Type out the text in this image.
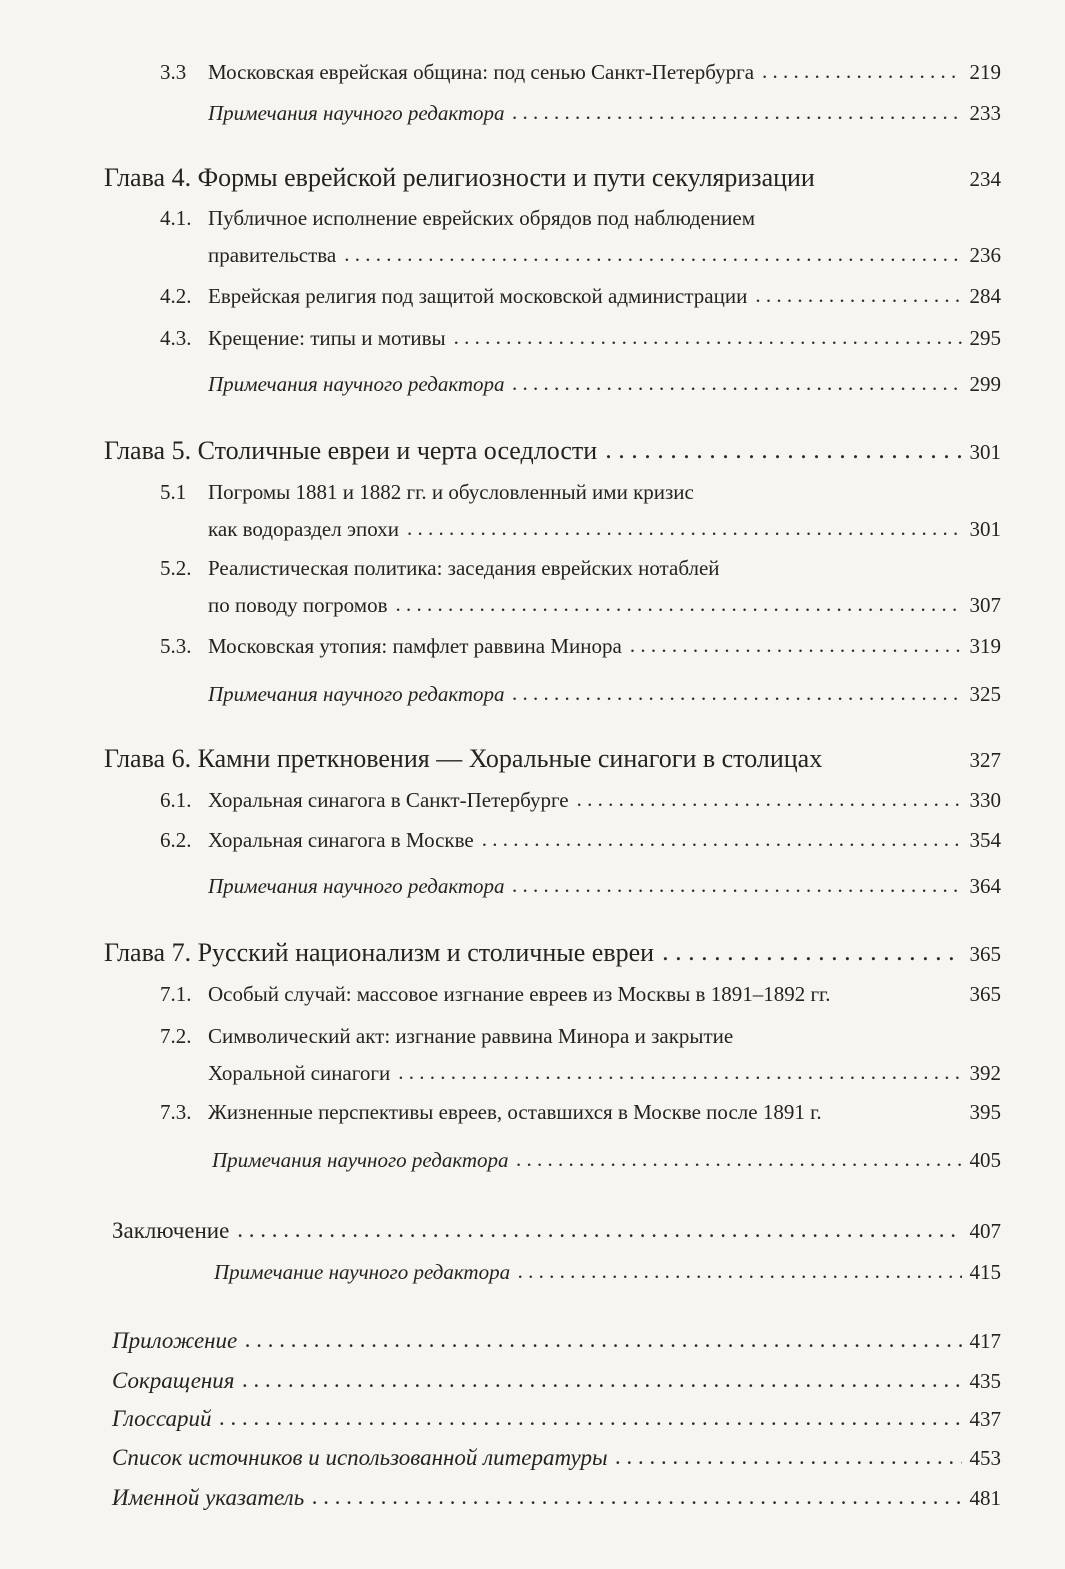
3.3	Московская еврейская община: под сенью Санкт-Петербурга . . .	219
Примечания научного редактора . . .	233
Глава 4. Формы еврейской религиозности и пути секуляризации	234
4.1. Публичное исполнение еврейских обрядов под наблюдением
правительства . . .	236
4.2. Еврейская религия под защитой московской администрации . . .	284
4.3. Крещение: типы и мотивы . . .	295
Примечания научного редактора . . .	299
Глава 5. Столичные евреи и черта оседлости . . .	301
5.1	Погромы 1881 и 1882 гг. и обусловленный ими кризис
как водораздел эпохи . . .	301
5.2. Реалистическая политика: заседания еврейских нотаблей
по поводу погромов . . .	307
5.3. Московская утопия: памфлет раввина Минора . . .	319
Примечания научного редактора . . .	325
Глава 6. Камни преткновения — Хоральные синагоги в столицах	327
6.1. Хоральная синагога в Санкт-Петербурге . . .	330
6.2. Хоральная синагога в Москве . . .	354
Примечания научного редактора . . .	364
Глава 7. Русский национализм и столичные евреи . . .	365
7.1. Особый случай: массовое изгнание евреев из Москвы в 1891–1892 гг.	365
7.2. Символический акт: изгнание раввина Минора и закрытие
Хоральной синагоги . . .	392
7.3. Жизненные перспективы евреев, оставшихся в Москве после 1891 г.	395
Примечания научного редактора . . .	405
Заключение . . .	407
Примечание научного редактора . . .	415
Приложение . . .	417
Сокращения . . .	435
Глоссарий . . .	437
Список источников и использованной литературы . . .	453
Именной указатель . . .	481
